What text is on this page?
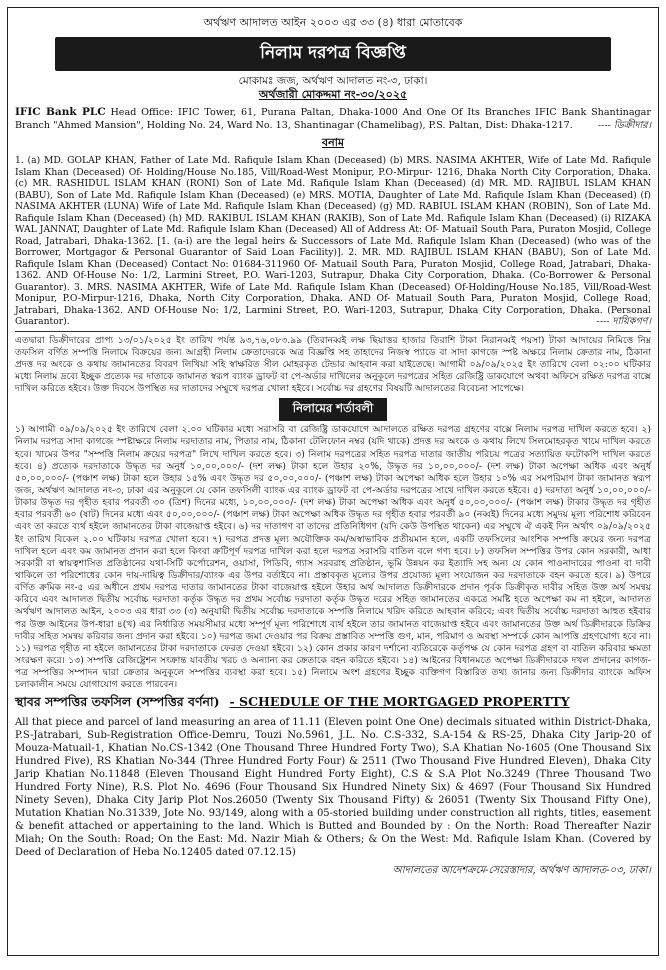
অর্থঋণ আদালত আইন ২০০৩ এর ৩৩ (৪) ধারা মোতাবেক
নিলাম দরপত্র বিজ্ঞপ্তি
মোকামঃ জজ, অর্থঋণ আদালত নং-৩, ঢাকা।
অর্থজারী মোকদ্দমা নং-৩০/২০২৫

IFIC Bank PLC Head Office: IFIC Tower, 61, Purana Paltan, Dhaka-1000 And One Of Its Branches IFIC Bank Shantinagar Branch "Ahmed Mansion", Holding No. 24, Ward No. 13, Shantinagar (Chamelibag), P.S. Paltan, Dist: Dhaka-1217.	---- ডিক্রীদার।

বনাম

1. (a) MD. GOLAP KHAN, Father of Late Md. Rafiqule Islam Khan (Deceased) (b) MRS. NASIMA AKHTER, Wife of Late Md. Rafiqule Islam Khan (Deceased) Of- Holding/House No.185, Vill/Road-West Monipur, P.O-Mirpur- 1216, Dhaka North City Corporation, Dhaka. (c) MR. RASHIDUL ISLAM KHAN (RONI) Son of Late Md. Rafiqule Islam Khan (Deceased) (d) MR. MD. RAJIBUL ISLAM KHAN (BABU), Son of Late Md. Rafiqule Islam Khan (Deceased) (e) MRS. MOTIA, Daughter of Late Md. Rafiqule Islam Khan (Deceased) (f) NASIMA AKHTER (LUNA) Wife of Late Md. Rafiqule Islam Khan (Deceased) (g) MD. RABIUL ISLAM KHAN (ROBIN), Son of Late Md. Rafiqule Islam Khan (Deceased) (h) MD. RAKIBUL ISLAM KHAN (RAKIB), Son of Late Md. Rafiqule Islam Khan (Deceased) (i) RIZAKA WAL JANNAT, Daughter of Late Md. Rafiqule Islam Khan (Deceased) All of Address At: Of- Matuail South Para, Puraton Mosjid, College Road, Jatrabari, Dhaka-1362. [1. (a-i) are the legal heirs & Successors of Late Md. Rafiqule Islam Khan (Deceased) (who was of the Borrower, Mortgagor & Personal Guarantor of Said Loan Facility)]. 2. MR. MD. RAJIBUL ISLAM KHAN (BABU), Son of Late Md. Rafiqule Islam Khan (Deceased) Contact No: 01684-311960 Of- Matuail South Para, Puraton Mosjid, College Road, Jatrabari, Dhaka- 1362. AND Of-House No: 1/2, Larmini Street, P.O. Wari-1203, Sutrapur, Dhaka City Corporation, Dhaka. (Co-Borrower & Personal Guarantor). 3. MRS. NASIMA AKHTER, Wife of Late Md. Rafiqule Islam Khan (Deceased) Of-Holding/House No.185, Vill/Road-West Monipur, P.O-Mirpur-1216, Dhaka, North City Corporation, Dhaka. AND Of- Matuail South Para, Puraton Mosjid, College Road, Jatrabari, Dhaka-1362. AND Of-House No: 1/2, Larmini Street, P.O. Wari-1203, Sutrapur, Dhaka City Corporation, Dhaka. (Personal Guarantor).	---- দায়িকগণ।

এতদ্বারা ডিক্রীদারের প্রাপ্য ১৩/০১/২০২৫ ইং তারিখ পর্যন্ত ৯৩,৭৬,০৮৩.৯৯ (তিরানব্বই লক্ষ ছিয়াত্তর হাজার তিরাশি টাকা নিরানব্বই পয়সা) টাকা আদায়ের নিমিত্তে নিম্ন তফসিল বর্ণিত সম্পত্তি নিলামে বিক্রয়ের জন্য আগ্রহী নিলাম ক্রেতাদেরকে অত্র বিজ্ঞপ্তি সহ তাহাদের নিজস্ব প্যাডে বা সাদা কাগজে স্পষ্ট অক্ষরে নিলাম ক্রেতার নাম, ঠিকানা প্রদত্ত দর অংকে ও কথায় জামানতের বিবরণ লিখিয়া সহি স্বাক্ষরিত সীল মোহরকৃত টেন্ডার আহবান করা যাইতেছে। আগামী ০৯/০৯/২০২৫ ইং তারিখে বেলা ০২:০০ ঘটিকার মধ্যে নিলাম দ্রব্যে ইচ্ছুক প্রত্যেক দর দাতাকে জামানত স্বরূপ ব্যাংক ড্রাফট বা পে-অর্ডার দাখিলের অনুকূলে দরপত্রের সহিত রেজিষ্ট্রি ডাকযোগে অথবা অফিসে রক্ষিত দরপত্র বাক্সে দাখিল করিতে হইবে। উক্ত দিবসে উপস্থিত দর দাতাদের সম্মুখে দরপত্র খোলা হইবে। সর্বোচ্চ দর গ্রহণের বিষয়টি আদালতের বিবেচনা সাপেক্ষে।

নিলামের শর্তাবলী

১) আগামী ০৯/০৯/২০২৫ ইং তারিখে বেলা ২.০০ ঘটিকার মধ্যে সরাসরি বা রেজিষ্ট্রি ডাকযোগে আদালতে রক্ষিত দরপত্র গ্রহণের বাক্সে নিলাম দরপত্র দাখিল করতে হবে। ২) নিলাম দরপত্র সাদা কাগজে স্পষ্টাক্ষরে নিলাম দরদাতার নাম, পিতার নাম, ঠিকানা টেলিফোন নম্বর (যদি থাকে) প্রদত্ত দর অংকে ও কথায় লিখে সিলমোহরকৃত খামে দাখিল করতে হবে। খামের উপর "সম্পত্তি নিলাম ক্রয়ের দরপত্র" লিখে দাখিল করতে হবে। ৩) নিলাম দরপত্রের সহিত দরপত্র দাতার জাতীয় পরিচয় পত্রের সত্যায়িত ফটোকপি দাখিল করতে হবে। ৪) প্রত্যেক দরদাতাকে উদ্ধৃত দর অনুর্ধ ১০,০০,০০০/- (দশ লক্ষ) টাকা হলে উহার ২০%, উদ্ধৃত দর ১০,০০,০০০/- (দশ লক্ষ) টাকা অপেক্ষা অধিক এবং অনুর্ধ ৫০,০০,০০০/- (পঞ্চাশ লক্ষ) টাকা হলে উহার ১৫% এবং উদ্ধৃত দর ৫০,০০,০০০/- (পঞ্চাশ লক্ষ) টাকা অপেক্ষা অধিক হলে উহার ১০% এর সমপরিমাণ টাকা জামানত স্বরূপ জজ, অর্থঋণ আদালত নং-৩, ঢাকা এর অনুকূলে যে কোন তফসিলী ব্যাংক এর ব্যাংক ড্রাফট বা পে-অর্ডার দরপত্রের সাথে দাখিল করতে হইবে। ৫) দরদাতা অনুর্ধ ১০,০০,০০০/- টাকার উদ্ধৃত দর গৃহীত হবার পরবর্তী ৩০ (ত্রিশ) দিনের মধ্যে, ১০,০০,০০০/- (দশ লক্ষ) টাকা অপেক্ষা অধিক এবং অনুর্ধ ৫০,০০,০০০/- (পঞ্চাশ লক্ষ) টাকার উদ্ধৃত দর গৃহীত হবার পরবর্তী ৬০ (ষাট) দিনের মধ্যে এবং ৫০,০০,০০০/- (পঞ্চাশ লক্ষ) টাকা অপেক্ষা অধিক উদ্ধৃত দর গৃহীত হবার পরবর্তী ৯০ (নব্বই) দিনের মধ্যে সমুদয় মূল্য পরিশোধ করিবেন এবং তা করতে ব্যর্থ হইলে জামানতের টাকা বাজেয়াপ্ত হইবে। ৬) দর দাতাগণ বা তাদের প্রতিনিধিগণ (যদি কেউ উপস্থিত থাকেন) এর সম্মুখে ঐ একই দিন অর্থাৎ ০৯/০৯/২০২৫ ইং তারিখ বিকেল ২.০০ ঘটিকায় দরপত্র খোলা হবে। ৭) দরপত্র প্রদত্ত মূল্য অযৌক্তিক কম/অস্বাভাবিক প্রতীয়মান হলে, একটি তফসিলের আংশিক সম্পত্তি ক্রয়ের জন্য দরপত্র দাখিল হলে এবং কম জামানত প্রদান করা হলে কিংবা ক্রটিপূর্ণ দরপত্র দাখিল করা হলে দরপত্র সরাসরি বাতিল বলে গণ্য হবে। ৮) তফসিল সম্পত্তির উপর কোন সরকারী, আধা সরকারী বা স্বায়ত্বশাসিত প্রতিষ্ঠানের যথা-সিটি কর্পোরেশন, ওয়াসা, পিডিবি, গ্যাস সরবরাহ প্রতিষ্ঠান, ভূমি উন্নয়ন কর ইত্যাদি সহ অন্য যে কোন পাওনাদারের পাওনা বা দাবী থাকিলে তা পরিশোধের কোন দায়-দায়িত্ব ডিক্রীদার/ব্যাংক এর উপর বর্তাইবে না। প্রস্তাবকৃত মূল্যের উপর প্রযোজ্য মূল্য সংযোজন কর দরদাতাকে বহন করতে হবে। ৯) উপরে বর্ণিত ক্রমিক নং-৫ এর অধীনে প্রথম দরপত্র দাতার জামানতের টাকা বাজেয়াপ্ত হইলে উহার অর্থ আদালত ডিক্রীদারকে প্রদান পূর্বক ডিক্রীকৃত দাবীর সহিত উক্ত অর্থ সমন্বয় করিবে এবং আদালত দ্বিতীয় সর্বোচ্চ দরদাতা কর্তৃক উদ্ধৃত দর প্রথম সর্বোচ্চ দরদাতা কর্তৃক উদ্ধৃত দরের সহিত জামানতের একত্রে সমষ্টি হতে অপেক্ষা কম না হইলে, আদালত অর্থঋণ আদালত আইন, ২০০৩ এর ধারা ৩৩ (৩) অনুযায়ী দ্বিতীয় সর্বোচ্চ দরদাতাকে সম্পত্তি নিলামে খরিদ করিতে আহবান করিবে; এবং দ্বিতীয় সর্বোচ্চ দরদাতা আহুত হইবার পর উক্ত আইনের উপ-ধারা ৪(খ) এর নির্ধারিত সময়সীমার মধ্যে সম্পূর্ণ মূল্য পরিশোধে ব্যর্থ হইলে তার জামানত বাজেয়াপ্ত হইবে এবং জামানতের উক্ত অর্থ ডিক্রীদারকে ডিক্রির দাবীর সহিত সমন্বয় করিবার জন্য প্রদান করা হইবে। ১০) দরপত্র জমা দেওয়ার পর বিক্রয় প্রস্তাবিত সম্পত্তি গুণ, মান, পরিমাণ ও অবস্থা সম্পর্কে কোন আপত্তি গ্রহণযোগ্য হবে না। ১১) দরপত্র গৃহীত না হইলে জামানতের টাকা দরদাতাকে ফেরত দেওয়া হইবে। ১২) কোন প্রকার কারণ দর্শানো ব্যতিরেকে কর্তৃপক্ষ যে কোন দরপত্র গ্রহণ বা বাতিল করিবার ক্ষমতা সংরক্ষণ করে। ১৩) সম্পত্তি রেজিষ্ট্রেশন সংক্রান্ত যাবতীয় খরচ ও অন্যান্য কর ক্রেতাকে বহন করিতে হইবে। ১৪) আইনের বিধানমতে অপেক্ষা ডিক্রীদারকে দখল প্রদানের কাগজ-পত্র সম্পত্তির সম্পাদন দ্বারা ক্রেতার অনুকূলে সম্পত্তির ব্যবস্থা করা হবে। ১৫) নিলামে অংশ গ্রহণের ইচ্ছুক ব্যক্তিগণ বিস্তারিত তথ্য জানার জন্য ডিক্রীদার ব্যাংকে অফিস চলাকালীন সময়ে যোগাযোগ করতে পারবেন।

স্থাবর সম্পত্তির তফসিল (সম্পত্তির বর্ণনা) - SCHEDULE OF THE MORTGAGED PROPERTTY

All that piece and parcel of land measuring an area of 11.11 (Eleven point One One) decimals situated within District-Dhaka, P.S-Jatrabari, Sub-Registration Office-Demru, Touzi No.5961, J.L. No. C.S-332, S.A-154 & RS-25, Dhaka City Jarip-20 of Mouza-Matuail-1, Khatian No.CS-1342 (One Thousand Three Hundred Forty Two), S.A Khatian No-1605 (One Thousand Six Hundred Five), RS Khatian No-344 (Three Hundred Forty Four) & 2511 (Two Thousand Five Hundred Eleven), Dhaka City Jarip Khatian No.11848 (Eleven Thousand Eight Hundred Forty Eight), C.S & S.A Plot No.3249 (Three Thousand Two Hundred Forty Nine), R.S. Plot No. 4696 (Four Thousand Six Hundred Ninety Six) & 4697 (Four Thousand Six Hundred Ninety Seven), Dhaka City Jarip Plot Nos.26050 (Twenty Six Thousand Fifty) & 26051 (Twenty Six Thousand Fifty One), Mutation Khatian No.31339, Jote No. 93/149, along with a 05-storied building under construction all rights, titles, easement & benefit attached or appertaining to the land. Which is Butted and Bounded by : On the North: Road Thereafter Nazir Miah; On the South: Road; On the East: Md. Nazir Miah & Others; & On the West: Md. Rafiqule Islam Khan. (Covered by Deed of Declaration of Heba No.12405 dated 07.12.15)

আদালতের আদেশক্রমে-সেরেস্তাদার, অর্থঋণ আদালত-০৩, ঢাকা।
